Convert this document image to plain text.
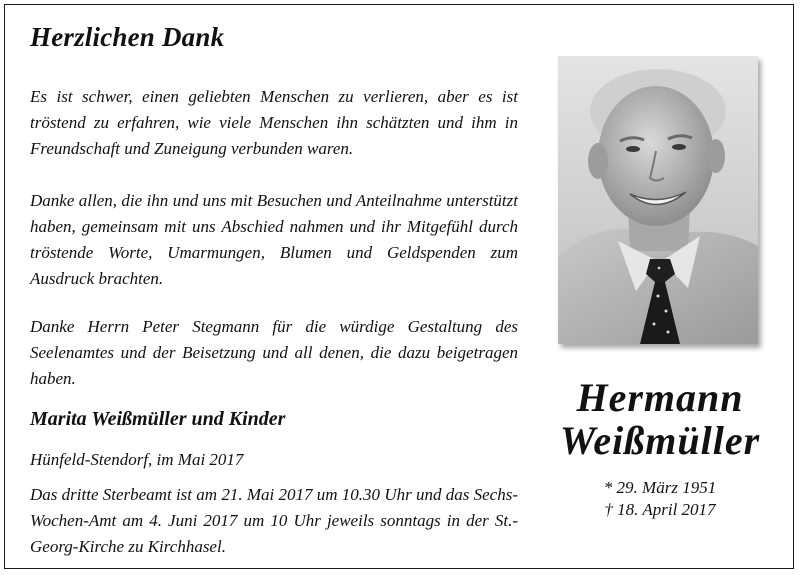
Herzlichen Dank
Es ist schwer, einen geliebten Menschen zu verlieren, aber es ist tröstend zu erfahren, wie viele Menschen ihn schätzten und ihm in Freundschaft und Zuneigung verbunden waren.
Danke allen, die ihn und uns mit Besuchen und Anteilnahme unterstützt haben, gemeinsam mit uns Abschied nahmen und ihr Mitgefühl durch tröstende Worte, Umarmungen, Blumen und Geldspenden zum Ausdruck brachten.
Danke Herrn Peter Stegmann für die würdige Gestaltung des Seelenamtes und der Beisetzung und all denen, die dazu beigetragen haben.
Marita Weißmüller und Kinder
Hünfeld-Stendorf, im Mai 2017
Das dritte Sterbeamt ist am 21. Mai 2017 um 10.30 Uhr und das Sechs-Wochen-Amt am 4. Juni 2017 um 10 Uhr jeweils sonntags in der St.-Georg-Kirche zu Kirchhasel.
Hermann
Weißmüller
* 29. März 1951
† 18. April 2017
